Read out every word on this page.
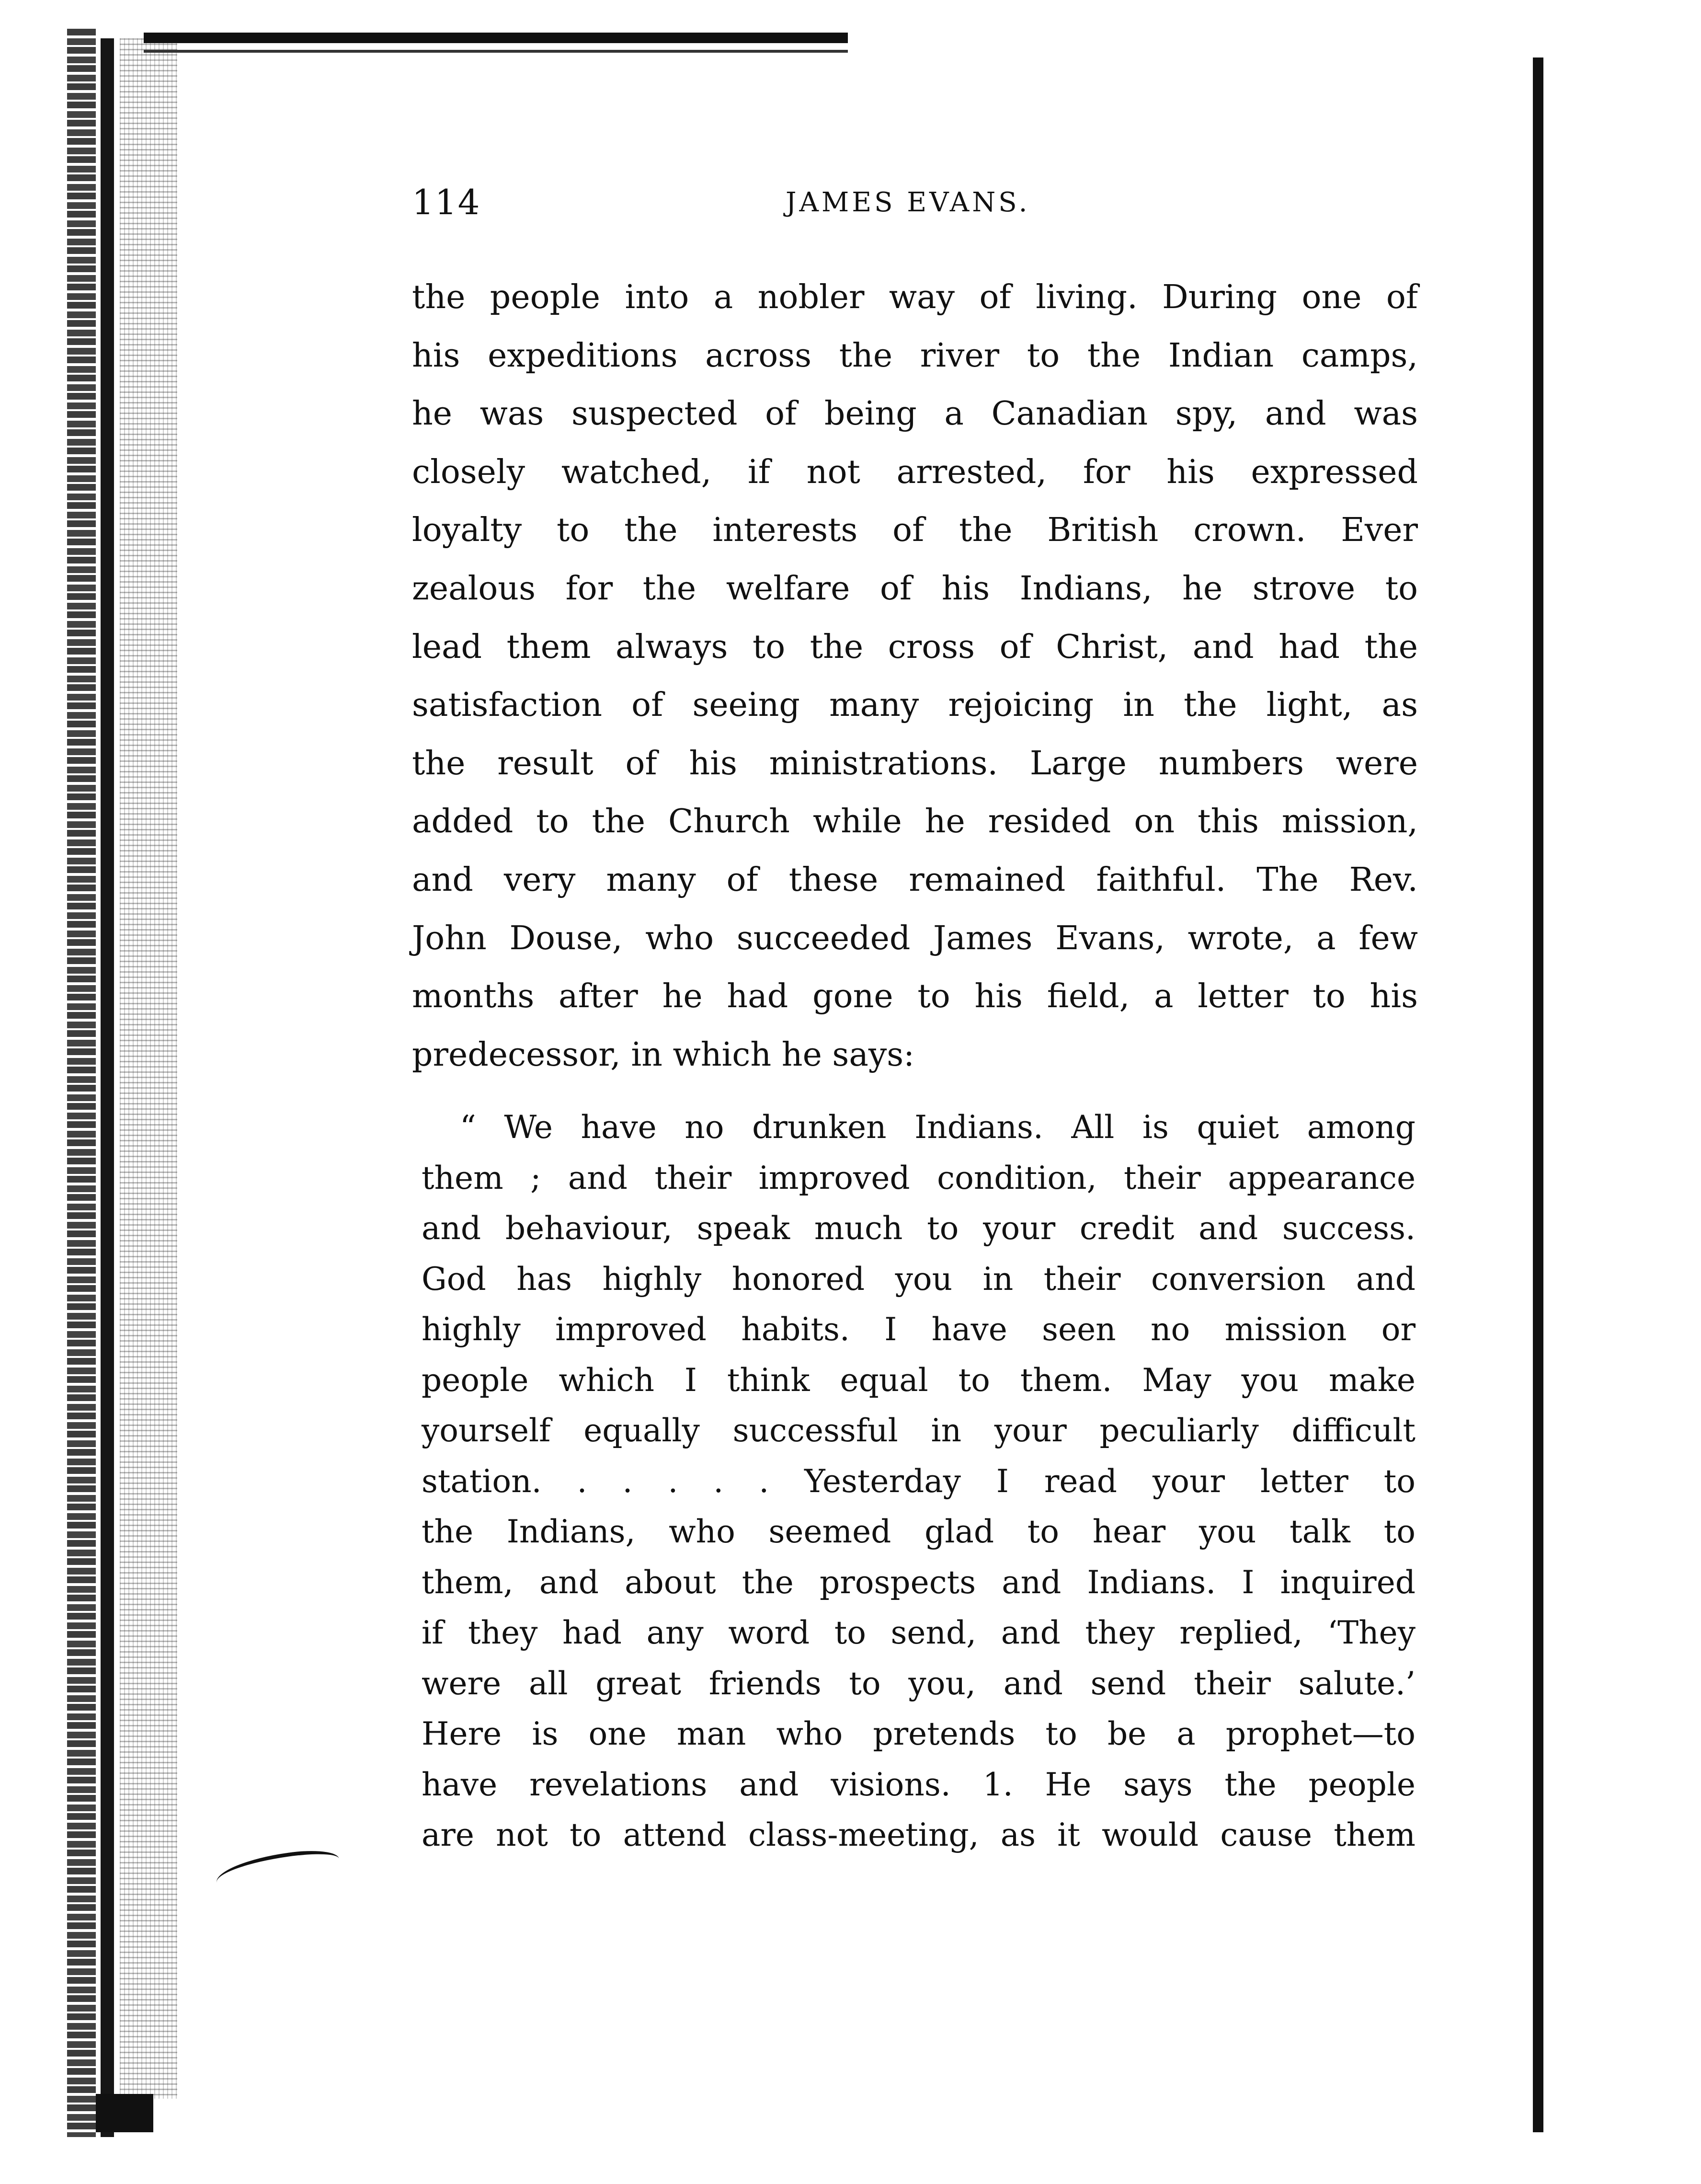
114	JAMES EVANS.
the people into a nobler way of living. During one of
his expeditions across the river to the Indian camps,
he was suspected of being a Canadian spy, and was
closely watched, if not arrested, for his expressed
loyalty to the interests of the British crown. Ever
zealous for the welfare of his Indians, he strove to
lead them always to the cross of Christ, and had the
satisfaction of seeing many rejoicing in the light, as
the result of his ministrations. Large numbers were
added to the Church while he resided on this mission,
and very many of these remained faithful. The Rev.
John Douse, who succeeded James Evans, wrote, a few
months after he had gone to his field, a letter to his
predecessor, in which he says:
“ We have no drunken Indians. All is quiet among
them ; and their improved condition, their appearance
and behaviour, speak much to your credit and success.
God has highly honored you in their conversion and
highly improved habits. I have seen no mission or
people which I think equal to them. May you make
yourself equally successful in your peculiarly difficult
station. . . . . . Yesterday I read your letter to
the Indians, who seemed glad to hear you talk to
them, and about the prospects and Indians. I inquired
if they had any word to send, and they replied, ‘They
were all great friends to you, and send their salute.’
Here is one man who pretends to be a prophet—to
have revelations and visions. 1. He says the people
are not to attend class-meeting, as it would cause them
